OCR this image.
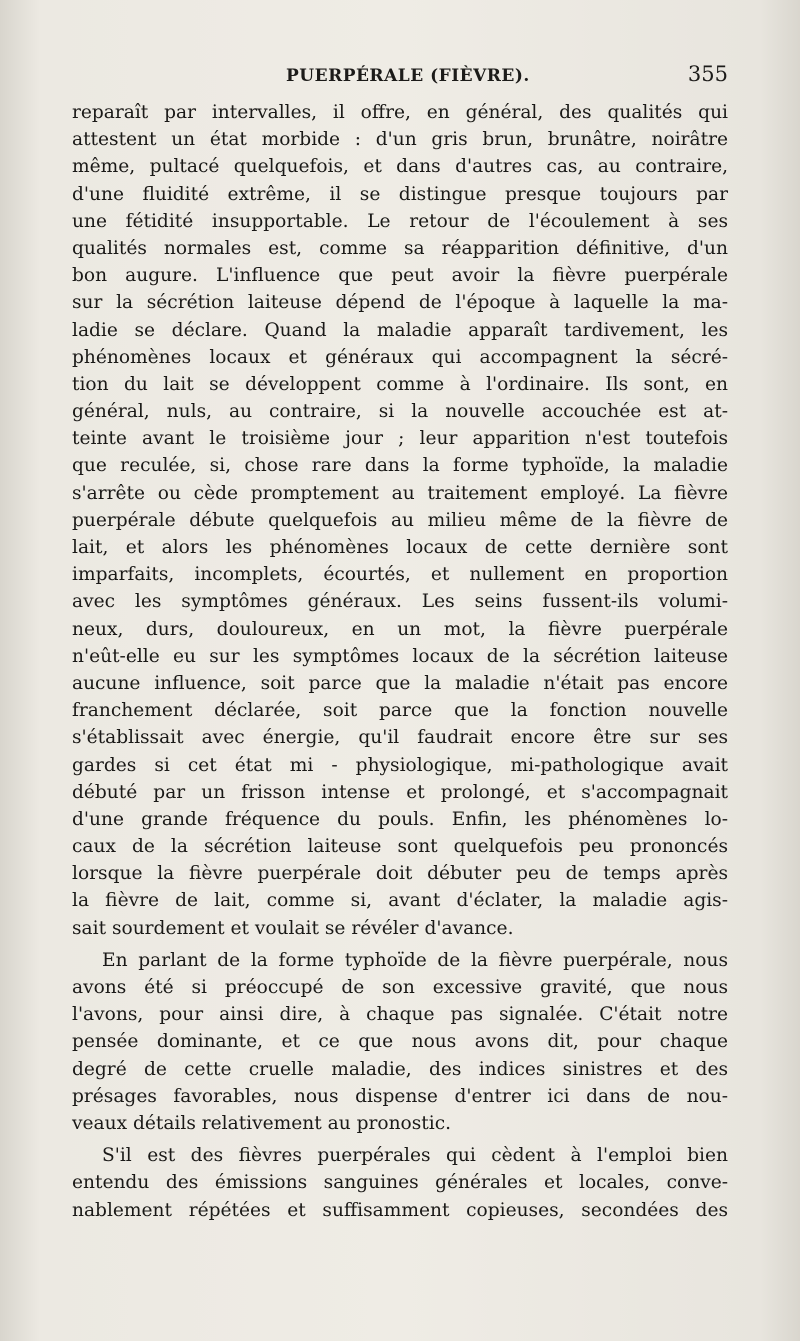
PUERPÉRALE (FIÈVRE).	355
reparaît par intervalles, il offre, en général, des qualités qui
attestent un état morbide : d'un gris brun, brunâtre, noirâtre
même, pultacé quelquefois, et dans d'autres cas, au contraire,
d'une fluidité extrême, il se distingue presque toujours par
une fétidité insupportable. Le retour de l'écoulement à ses
qualités normales est, comme sa réapparition définitive, d'un
bon augure. L'influence que peut avoir la fièvre puerpérale
sur la sécrétion laiteuse dépend de l'époque à laquelle la ma-
ladie se déclare. Quand la maladie apparaît tardivement, les
phénomènes locaux et généraux qui accompagnent la sécré-
tion du lait se développent comme à l'ordinaire. Ils sont, en
général, nuls, au contraire, si la nouvelle accouchée est at-
teinte avant le troisième jour ; leur apparition n'est toutefois
que reculée, si, chose rare dans la forme typhoïde, la maladie
s'arrête ou cède promptement au traitement employé. La fièvre
puerpérale débute quelquefois au milieu même de la fièvre de
lait, et alors les phénomènes locaux de cette dernière sont
imparfaits, incomplets, écourtés, et nullement en proportion
avec les symptômes généraux. Les seins fussent-ils volumi-
neux, durs, douloureux, en un mot, la fièvre puerpérale
n'eût-elle eu sur les symptômes locaux de la sécrétion laiteuse
aucune influence, soit parce que la maladie n'était pas encore
franchement déclarée, soit parce que la fonction nouvelle
s'établissait avec énergie, qu'il faudrait encore être sur ses
gardes si cet état mi - physiologique, mi-pathologique avait
débuté par un frisson intense et prolongé, et s'accompagnait
d'une grande fréquence du pouls. Enfin, les phénomènes lo-
caux de la sécrétion laiteuse sont quelquefois peu prononcés
lorsque la fièvre puerpérale doit débuter peu de temps après
la fièvre de lait, comme si, avant d'éclater, la maladie agis-
sait sourdement et voulait se révéler d'avance.
En parlant de la forme typhoïde de la fièvre puerpérale, nous
avons été si préoccupé de son excessive gravité, que nous
l'avons, pour ainsi dire, à chaque pas signalée. C'était notre
pensée dominante, et ce que nous avons dit, pour chaque
degré de cette cruelle maladie, des indices sinistres et des
présages favorables, nous dispense d'entrer ici dans de nou-
veaux détails relativement au pronostic.
S'il est des fièvres puerpérales qui cèdent à l'emploi bien
entendu des émissions sanguines générales et locales, conve-
nablement répétées et suffisamment copieuses, secondées des
